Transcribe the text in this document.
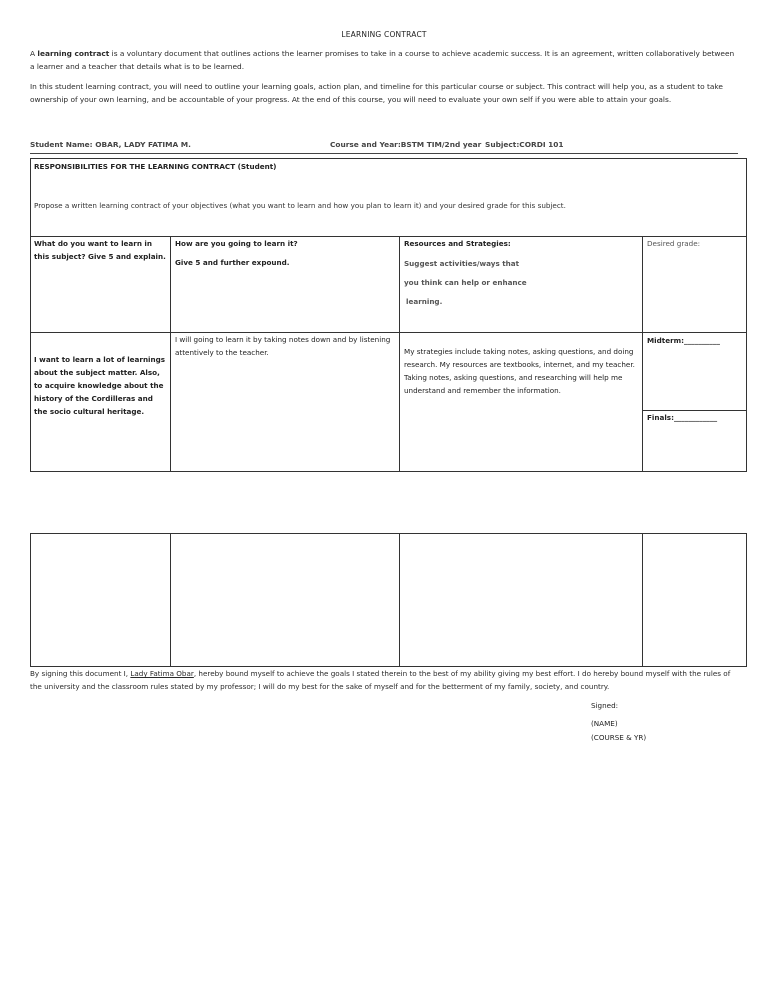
LEARNING CONTRACT
A learning contract is a voluntary document that outlines actions the learner promises to take in a course to achieve academic success. It is an agreement, written collaboratively between a learner and a teacher that details what is to be learned.
In this student learning contract, you will need to outline your learning goals, action plan, and timeline for this particular course or subject. This contract will help you, as a student to take ownership of your own learning, and be accountable of your progress. At the end of this course, you will need to evaluate your own self if you were able to attain your goals.
Student Name: OBAR, LADY FATIMA M.	Course and Year:BSTM TIM/2nd year Subject:CORDI 101
RESPONSIBILITIES FOR THE LEARNING CONTRACT (Student)
Propose a written learning contract of your objectives (what you want to learn and how you plan to learn it) and your desired grade for this subject.
What do you want to learn in this subject? Give 5 and explain.
How are you going to learn it?
Give 5 and further expound.
Resources and Strategies:
Suggest activities/ways that
you think can help or enhance
learning.
Desired grade:
I want to learn a lot of learnings about the subject matter. Also, to acquire knowledge about the history of the Cordilleras and the socio cultural heritage.
I will going to learn it by taking notes down and by listening attentively to the teacher.	My strategies include taking notes, asking questions, and doing research. My resources are textbooks, internet, and my teacher. Taking notes, asking questions, and researching will help me understand and remember the information.
Midterm:__________
Finals:____________
By signing this document I, Lady Fatima Obar, hereby bound myself to achieve the goals I stated therein to the best of my ability giving my best effort. I do hereby bound myself with the rules of the university and the classroom rules stated by my professor; I will do my best for the sake of myself and for the betterment of my family, society, and country.
Signed:
(NAME)
(COURSE & YR)
